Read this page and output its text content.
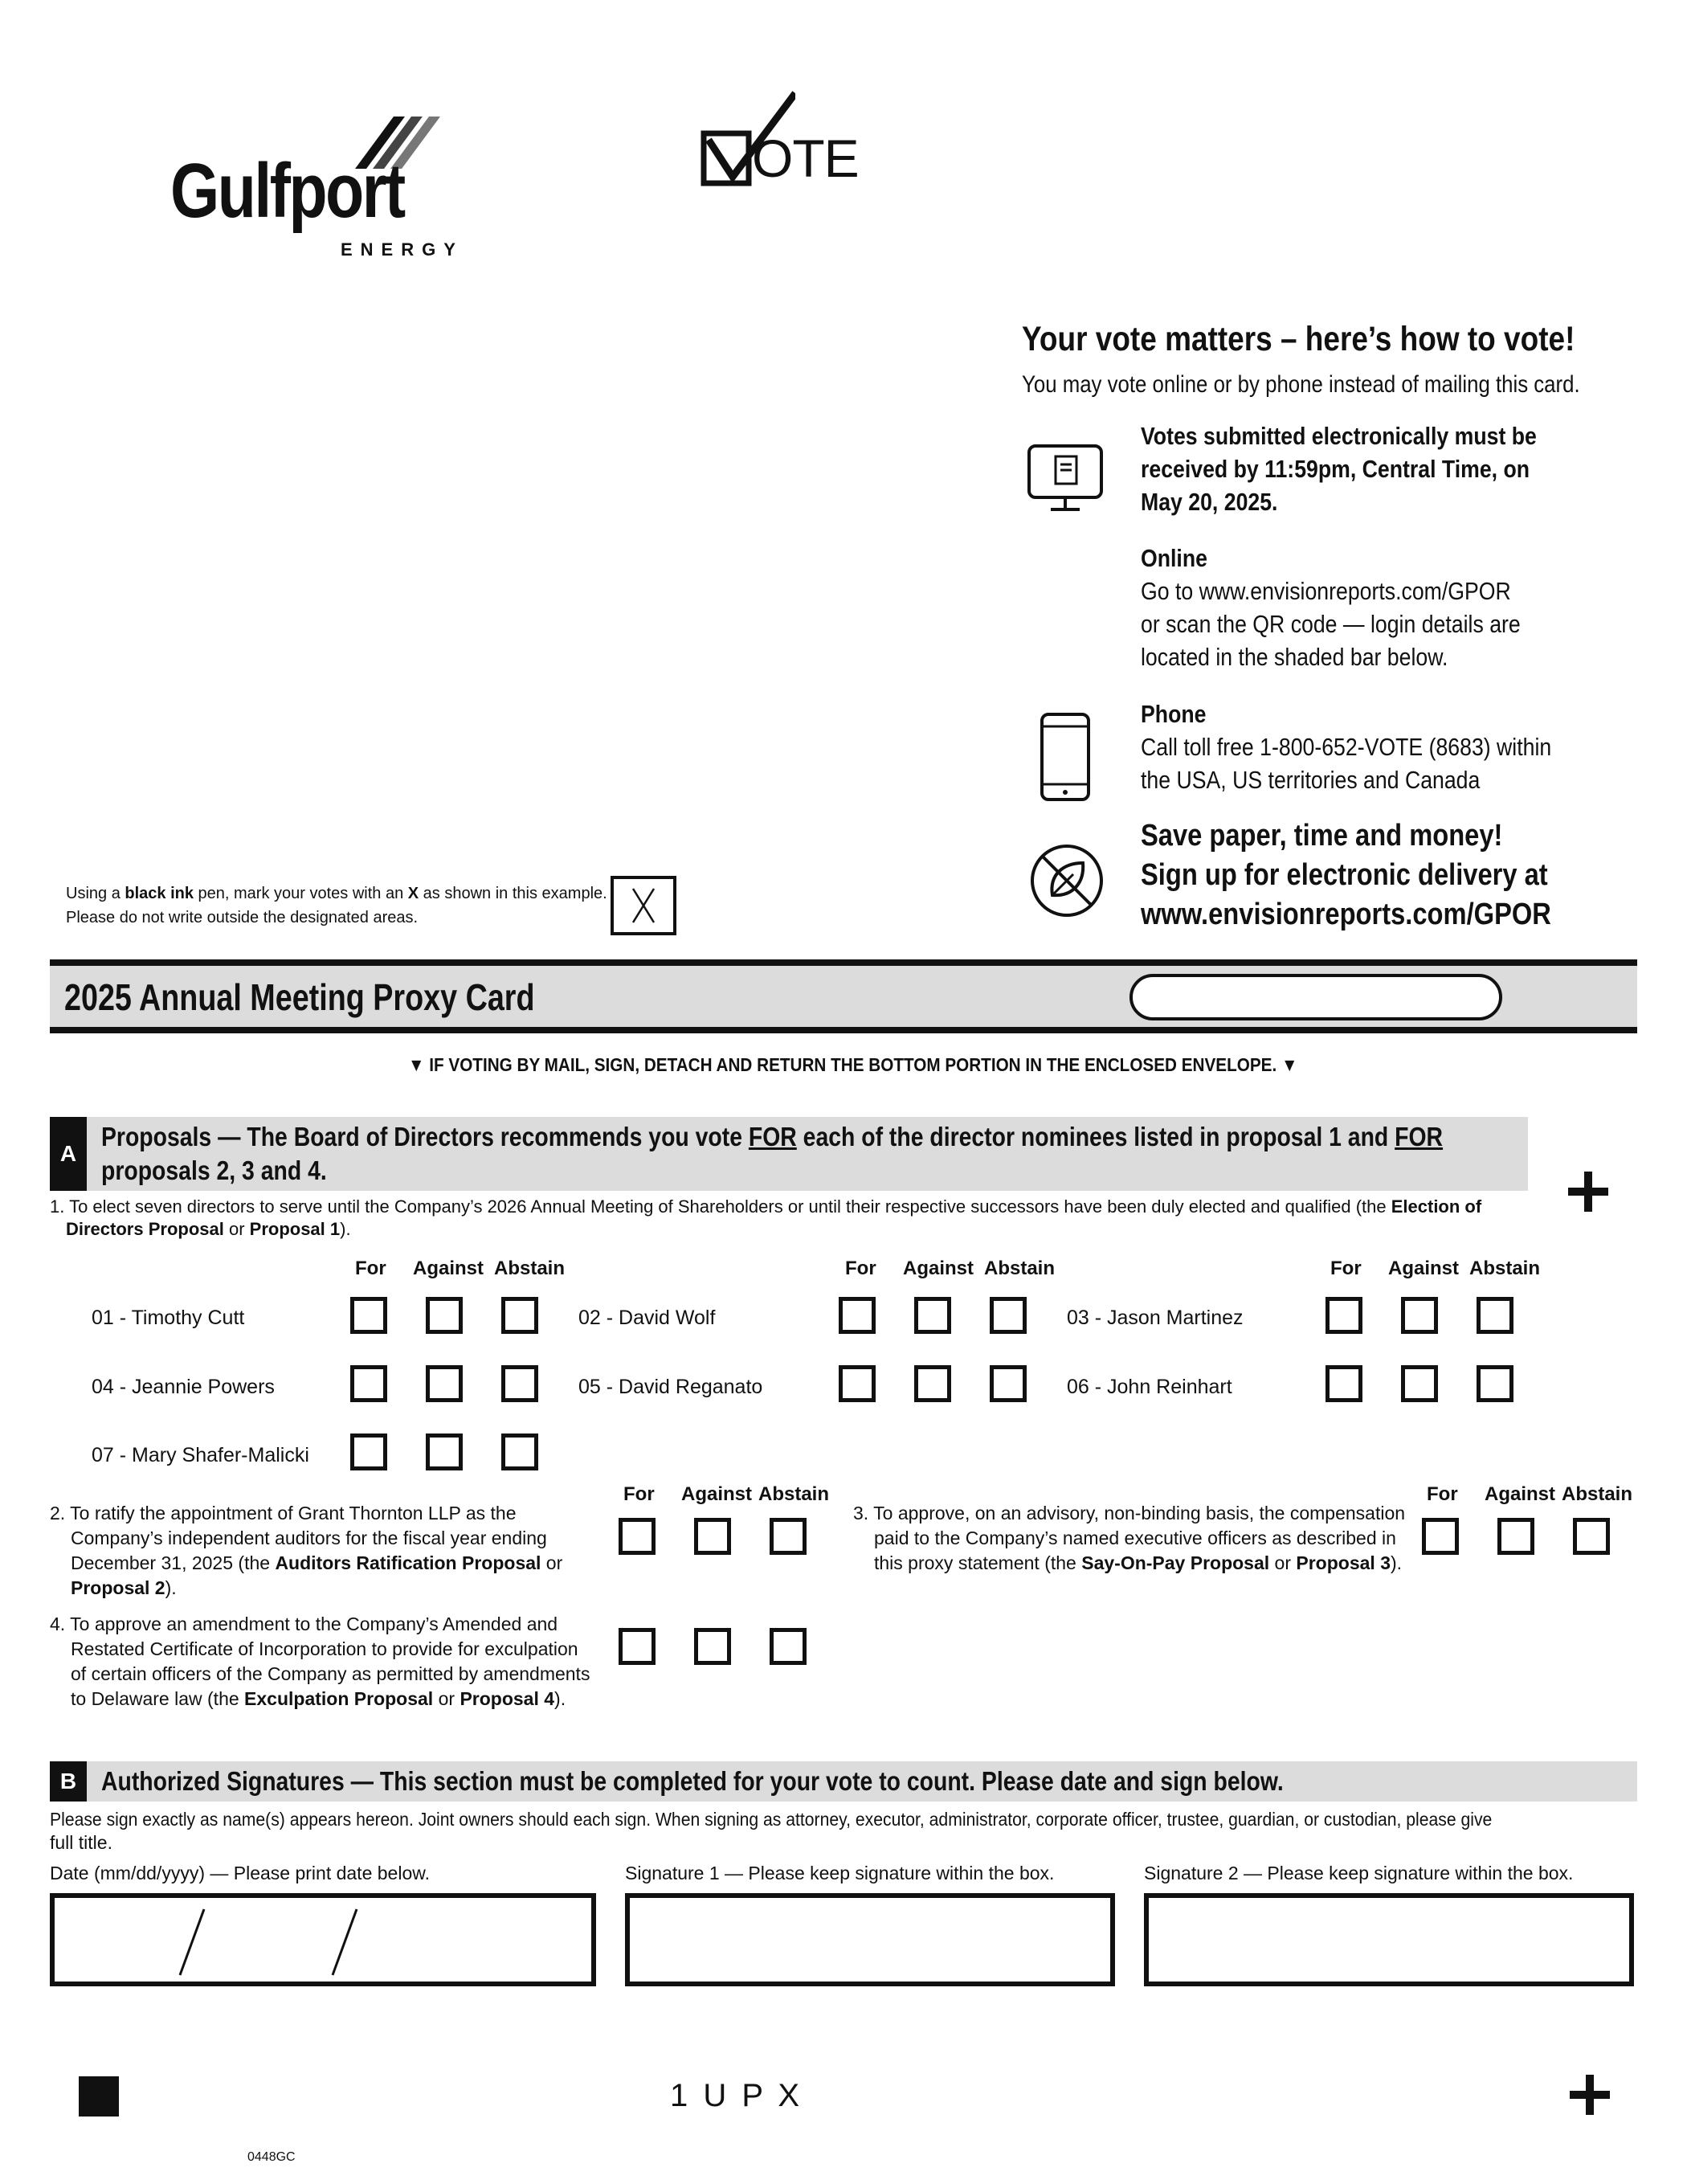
Gulfport
ENERGY
OTE
Your vote matters – here’s how to vote!
You may vote online or by phone instead of mailing this card.
Votes submitted electronically must be
received by 11:59pm, Central Time, on
May 20, 2025.
Online
Go to www.envisionreports.com/GPOR
or scan the QR code — login details are
located in the shaded bar below.
Phone
Call toll free 1-800-652-VOTE (8683) within
the USA, US territories and Canada
Save paper, time and money!
Sign up for electronic delivery at
www.envisionreports.com/GPOR
Using a black ink pen, mark your votes with an X as shown in this example.
Please do not write outside the designated areas.
2025 Annual Meeting Proxy Card
▼ IF VOTING BY MAIL, SIGN, DETACH AND RETURN THE BOTTOM PORTION IN THE ENCLOSED ENVELOPE. ▼
A
Proposals — The Board of Directors recommends you vote FOR each of the director nominees listed in proposal 1 and FOR
proposals 2, 3 and 4.
1. To elect seven directors to serve until the Company’s 2026 Annual Meeting of Shareholders or until their respective successors have been duly elected and qualified (the Election of
Directors Proposal or Proposal 1).
For Against Abstain	For Against Abstain	For Against Abstain
01 - Timothy Cutt	02 - David Wolf	03 - Jason Martinez
04 - Jeannie Powers	05 - David Reganato	06 - John Reinhart
07 - Mary Shafer-Malicki
For Against Abstain
2. To ratify the appointment of Grant Thornton LLP as the
Company’s independent auditors for the fiscal year ending
December 31, 2025 (the Auditors Ratification Proposal or
Proposal 2).
For Against Abstain
3. To approve, on an advisory, non-binding basis, the compensation
paid to the Company’s named executive officers as described in
this proxy statement (the Say-On-Pay Proposal or Proposal 3).
4. To approve an amendment to the Company’s Amended and
Restated Certificate of Incorporation to provide for exculpation
of certain officers of the Company as permitted by amendments
to Delaware law (the Exculpation Proposal or Proposal 4).
B Authorized Signatures — This section must be completed for your vote to count. Please date and sign below.
Please sign exactly as name(s) appears hereon. Joint owners should each sign. When signing as attorney, executor, administrator, corporate officer, trustee, guardian, or custodian, please give
full title.
Date (mm/dd/yyyy) — Please print date below.	Signature 1 — Please keep signature within the box.	Signature 2 — Please keep signature within the box.
1 U P X
0448GC
